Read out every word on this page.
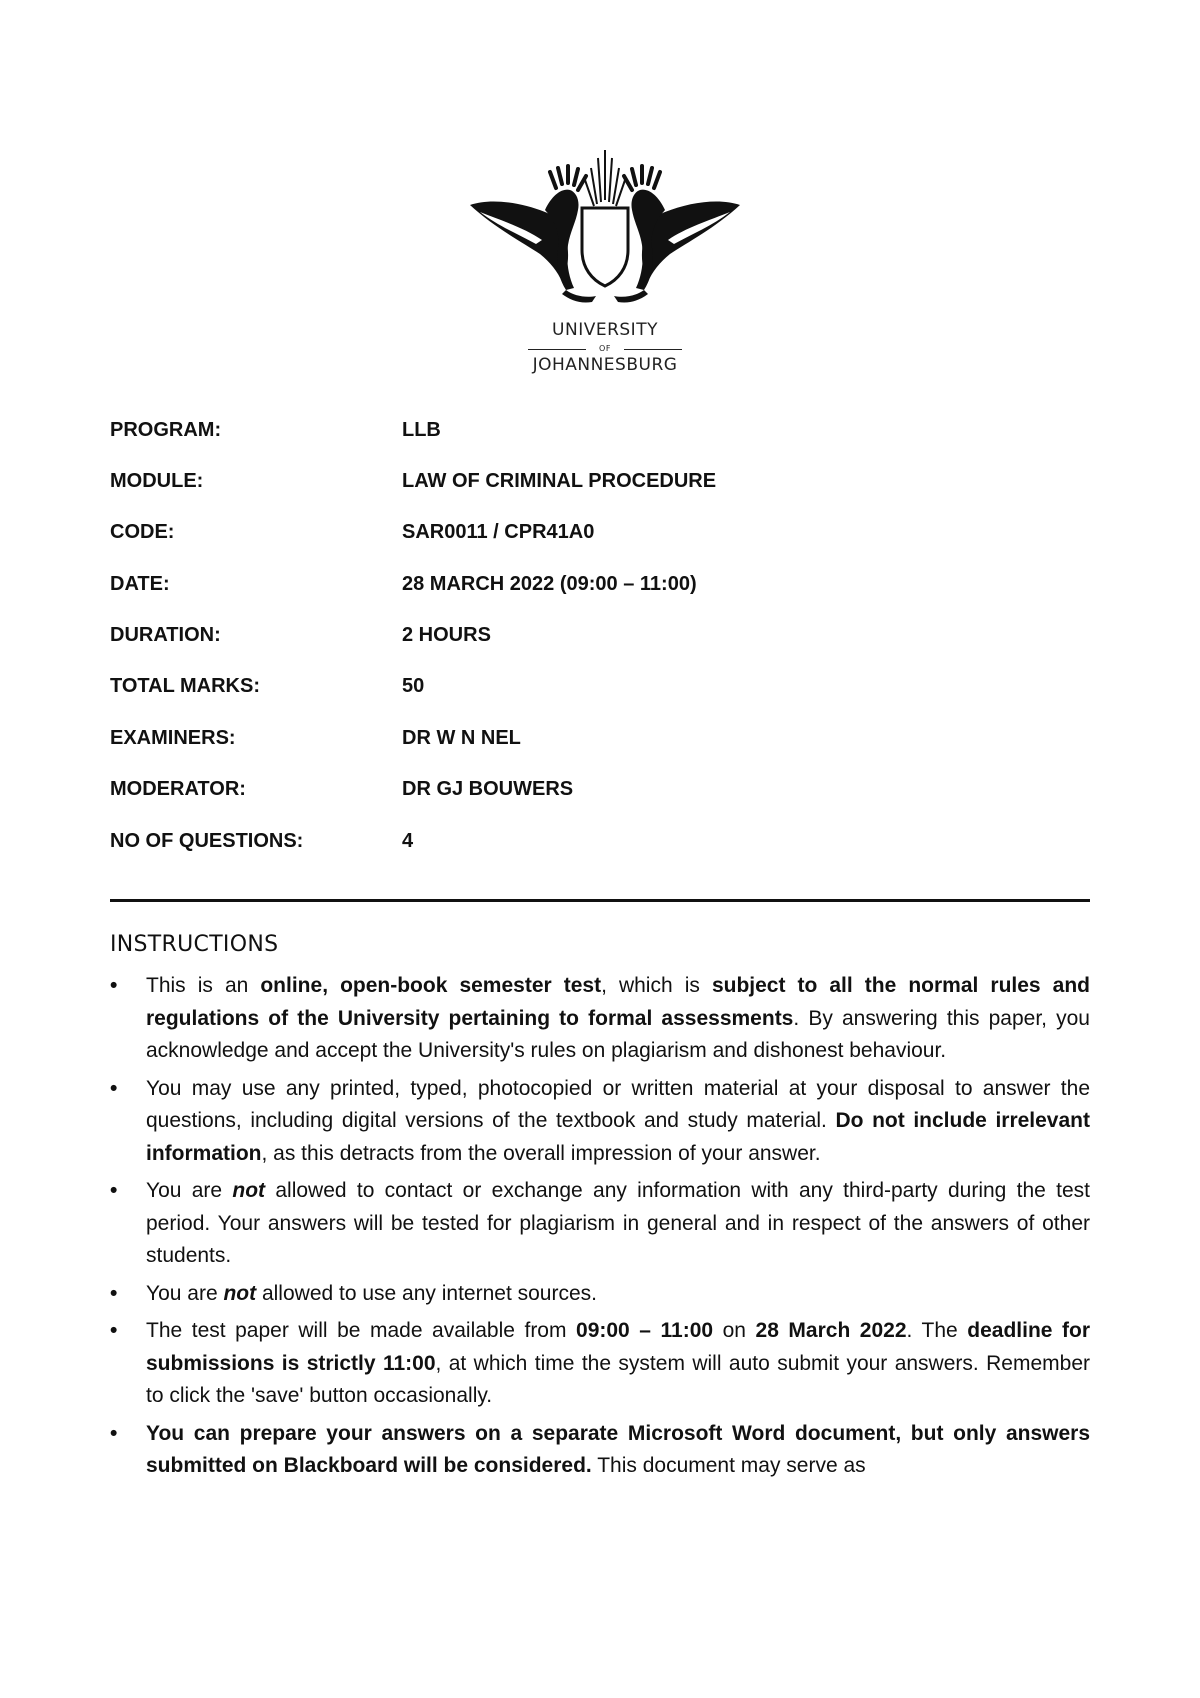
UNIVERSITY
OF
JOHANNESBURG
PROGRAM:	LLB
MODULE:	LAW OF CRIMINAL PROCEDURE
CODE:	SAR0011 / CPR41A0
DATE:	28 MARCH 2022 (09:00 – 11:00)
DURATION:	2 HOURS
TOTAL MARKS:	50
EXAMINERS:	DR W N NEL
MODERATOR:	DR GJ BOUWERS
NO OF QUESTIONS:	4
INSTRUCTIONS
• This is an online, open-book semester test, which is subject to all the normal rules and regulations of the University pertaining to formal assessments. By answering this paper, you acknowledge and accept the University's rules on plagiarism and dishonest behaviour.
• You may use any printed, typed, photocopied or written material at your disposal to answer the questions, including digital versions of the textbook and study material. Do not include irrelevant information, as this detracts from the overall impression of your answer.
• You are not allowed to contact or exchange any information with any third-party during the test period. Your answers will be tested for plagiarism in general and in respect of the answers of other students.
• You are not allowed to use any internet sources.
• The test paper will be made available from 09:00 – 11:00 on 28 March 2022. The deadline for submissions is strictly 11:00, at which time the system will auto submit your answers. Remember to click the 'save' button occasionally.
• You can prepare your answers on a separate Microsoft Word document, but only answers submitted on Blackboard will be considered. This document may serve as
